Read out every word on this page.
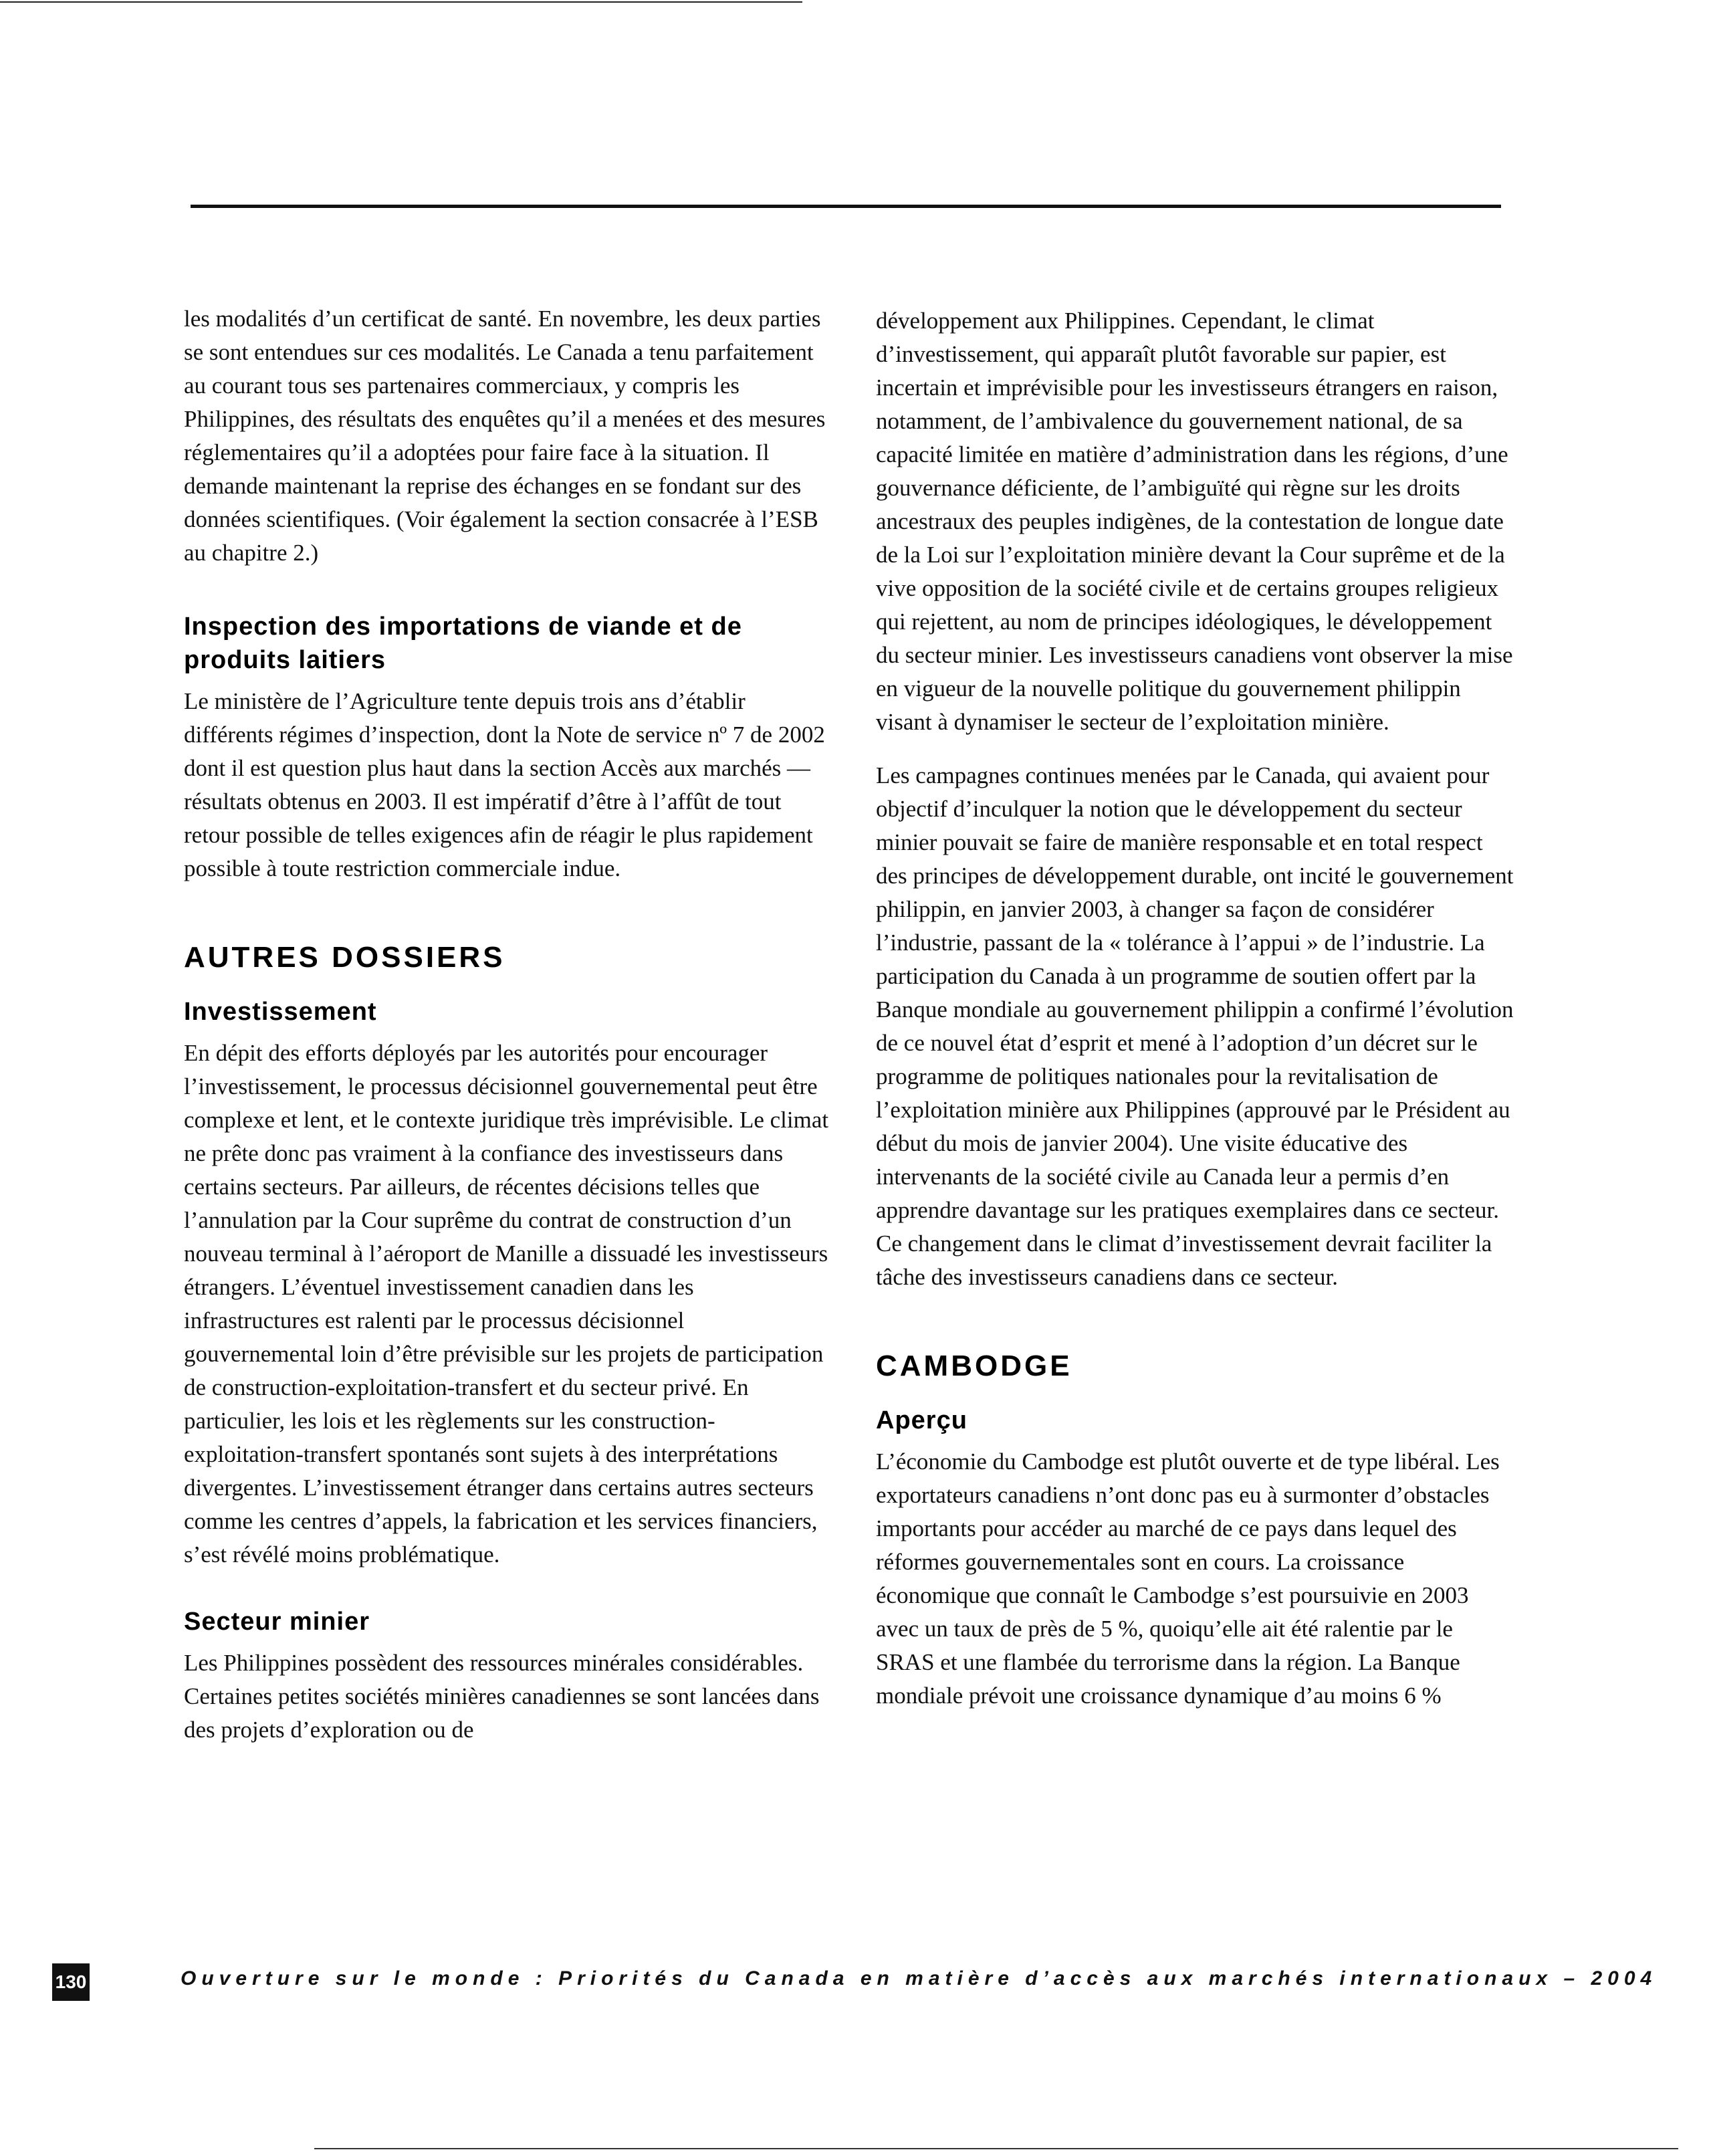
les modalités d’un certificat de santé. En novembre, les deux parties se sont entendues sur ces modalités. Le Canada a tenu parfaitement au courant tous ses partenaires commerciaux, y compris les Philippines, des résultats des enquêtes qu’il a menées et des mesures réglementaires qu’il a adoptées pour faire face à la situation. Il demande maintenant la reprise des échanges en se fondant sur des données scientifiques. (Voir également la section consacrée à l’ESB au chapitre 2.)

Inspection des importations de viande et de produits laitiers

Le ministère de l’Agriculture tente depuis trois ans d’établir différents régimes d’inspection, dont la Note de service nº 7 de 2002 dont il est question plus haut dans la section Accès aux marchés — résultats obtenus en 2003. Il est impératif d’être à l’affût de tout retour possible de telles exigences afin de réagir le plus rapidement possible à toute restriction commerciale indue.

AUTRES DOSSIERS
Investissement

En dépit des efforts déployés par les autorités pour encourager l’investissement, le processus décisionnel gouvernemental peut être complexe et lent, et le contexte juridique très imprévisible. Le climat ne prête donc pas vraiment à la confiance des investisseurs dans certains secteurs. Par ailleurs, de récentes décisions telles que l’annulation par la Cour suprême du contrat de construction d’un nouveau terminal à l’aéroport de Manille a dissuadé les investisseurs étrangers. L’éventuel investissement canadien dans les infrastructures est ralenti par le processus décisionnel gouvernemental loin d’être prévisible sur les projets de participation de construction-exploitation-transfert et du secteur privé. En particulier, les lois et les règlements sur les construction-exploitation-transfert spontanés sont sujets à des interprétations divergentes. L’investissement étranger dans certains autres secteurs comme les centres d’appels, la fabrication et les services financiers, s’est révélé moins problématique.

Secteur minier

Les Philippines possèdent des ressources minérales considérables. Certaines petites sociétés minières canadiennes se sont lancées dans des projets d’exploration ou de

développement aux Philippines. Cependant, le climat d’investissement, qui apparaît plutôt favorable sur papier, est incertain et imprévisible pour les investisseurs étrangers en raison, notamment, de l’ambivalence du gouvernement national, de sa capacité limitée en matière d’administration dans les régions, d’une gouvernance déficiente, de l’ambiguïté qui règne sur les droits ancestraux des peuples indigènes, de la contestation de longue date de la Loi sur l’exploitation minière devant la Cour suprême et de la vive opposition de la société civile et de certains groupes religieux qui rejettent, au nom de principes idéologiques, le développement du secteur minier. Les investisseurs canadiens vont observer la mise en vigueur de la nouvelle politique du gouvernement philippin visant à dynamiser le secteur de l’exploitation minière.

Les campagnes continues menées par le Canada, qui avaient pour objectif d’inculquer la notion que le développement du secteur minier pouvait se faire de manière responsable et en total respect des principes de développement durable, ont incité le gouvernement philippin, en janvier 2003, à changer sa façon de considérer l’industrie, passant de la « tolérance à l’appui » de l’industrie. La participation du Canada à un programme de soutien offert par la Banque mondiale au gouvernement philippin a confirmé l’évolution de ce nouvel état d’esprit et mené à l’adoption d’un décret sur le programme de politiques nationales pour la revitalisation de l’exploitation minière aux Philippines (approuvé par le Président au début du mois de janvier 2004). Une visite éducative des intervenants de la société civile au Canada leur a permis d’en apprendre davantage sur les pratiques exemplaires dans ce secteur. Ce changement dans le climat d’investissement devrait faciliter la tâche des investisseurs canadiens dans ce secteur.

CAMBODGE
Aperçu

L’économie du Cambodge est plutôt ouverte et de type libéral. Les exportateurs canadiens n’ont donc pas eu à surmonter d’obstacles importants pour accéder au marché de ce pays dans lequel des réformes gouvernementales sont en cours. La croissance économique que connaît le Cambodge s’est poursuivie en 2003 avec un taux de près de 5 %, quoiqu’elle ait été ralentie par le SRAS et une flambée du terrorisme dans la région. La Banque mondiale prévoit une croissance dynamique d’au moins 6 %

130	Ouverture sur le monde : Priorités du Canada en matière d’accès aux marchés internationaux – 2004
